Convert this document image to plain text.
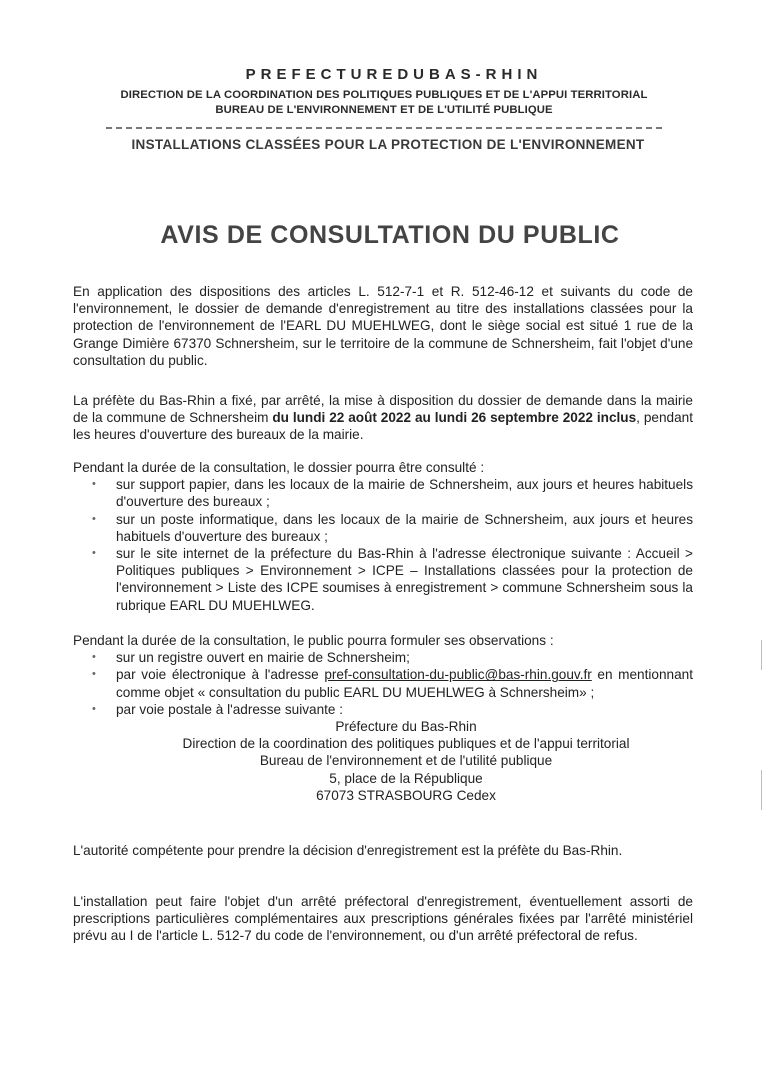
PREFECTUREDUBAS-RHIN
DIRECTION DE LA COORDINATION DES POLITIQUES PUBLIQUES ET DE L'APPUI TERRITORIAL
BUREAU DE L'ENVIRONNEMENT ET DE L'UTILITÉ PUBLIQUE
INSTALLATIONS CLASSÉES POUR LA PROTECTION DE L'ENVIRONNEMENT
AVIS DE CONSULTATION DU PUBLIC
En application des dispositions des articles L. 512-7-1 et R. 512-46-12 et suivants du code de l'environnement, le dossier de demande d'enregistrement au titre des installations classées pour la protection de l'environnement de l'EARL DU MUEHLWEG, dont le siège social est situé 1 rue de la Grange Dimière 67370 Schnersheim, sur le territoire de la commune de Schnersheim, fait l'objet d'une consultation du public.
La préfète du Bas-Rhin a fixé, par arrêté, la mise à disposition du dossier de demande dans la mairie de la commune de Schnersheim du lundi 22 août 2022 au lundi 26 septembre 2022 inclus, pendant les heures d'ouverture des bureaux de la mairie.
Pendant la durée de la consultation, le dossier pourra être consulté :
• sur support papier, dans les locaux de la mairie de Schnersheim, aux jours et heures habituels d'ouverture des bureaux ;
• sur un poste informatique, dans les locaux de la mairie de Schnersheim, aux jours et heures habituels d'ouverture des bureaux ;
• sur le site internet de la préfecture du Bas-Rhin à l'adresse électronique suivante : Accueil > Politiques publiques > Environnement > ICPE – Installations classées pour la protection de l'environnement > Liste des ICPE soumises à enregistrement > commune Schnersheim sous la rubrique EARL DU MUEHLWEG.
Pendant la durée de la consultation, le public pourra formuler ses observations :
• sur un registre ouvert en mairie de Schnersheim;
• par voie électronique à l'adresse pref-consultation-du-public@bas-rhin.gouv.fr en mentionnant comme objet « consultation du public EARL DU MUEHLWEG à Schnersheim» ;
• par voie postale à l'adresse suivante :
Préfecture du Bas-Rhin
Direction de la coordination des politiques publiques et de l'appui territorial
Bureau de l'environnement et de l'utilité publique
5, place de la République
67073 STRASBOURG Cedex
L'autorité compétente pour prendre la décision d'enregistrement est la préfète du Bas-Rhin.
L'installation peut faire l'objet d'un arrêté préfectoral d'enregistrement, éventuellement assorti de prescriptions particulières complémentaires aux prescriptions générales fixées par l'arrêté ministériel prévu au I de l'article L. 512-7 du code de l'environnement, ou d'un arrêté préfectoral de refus.
